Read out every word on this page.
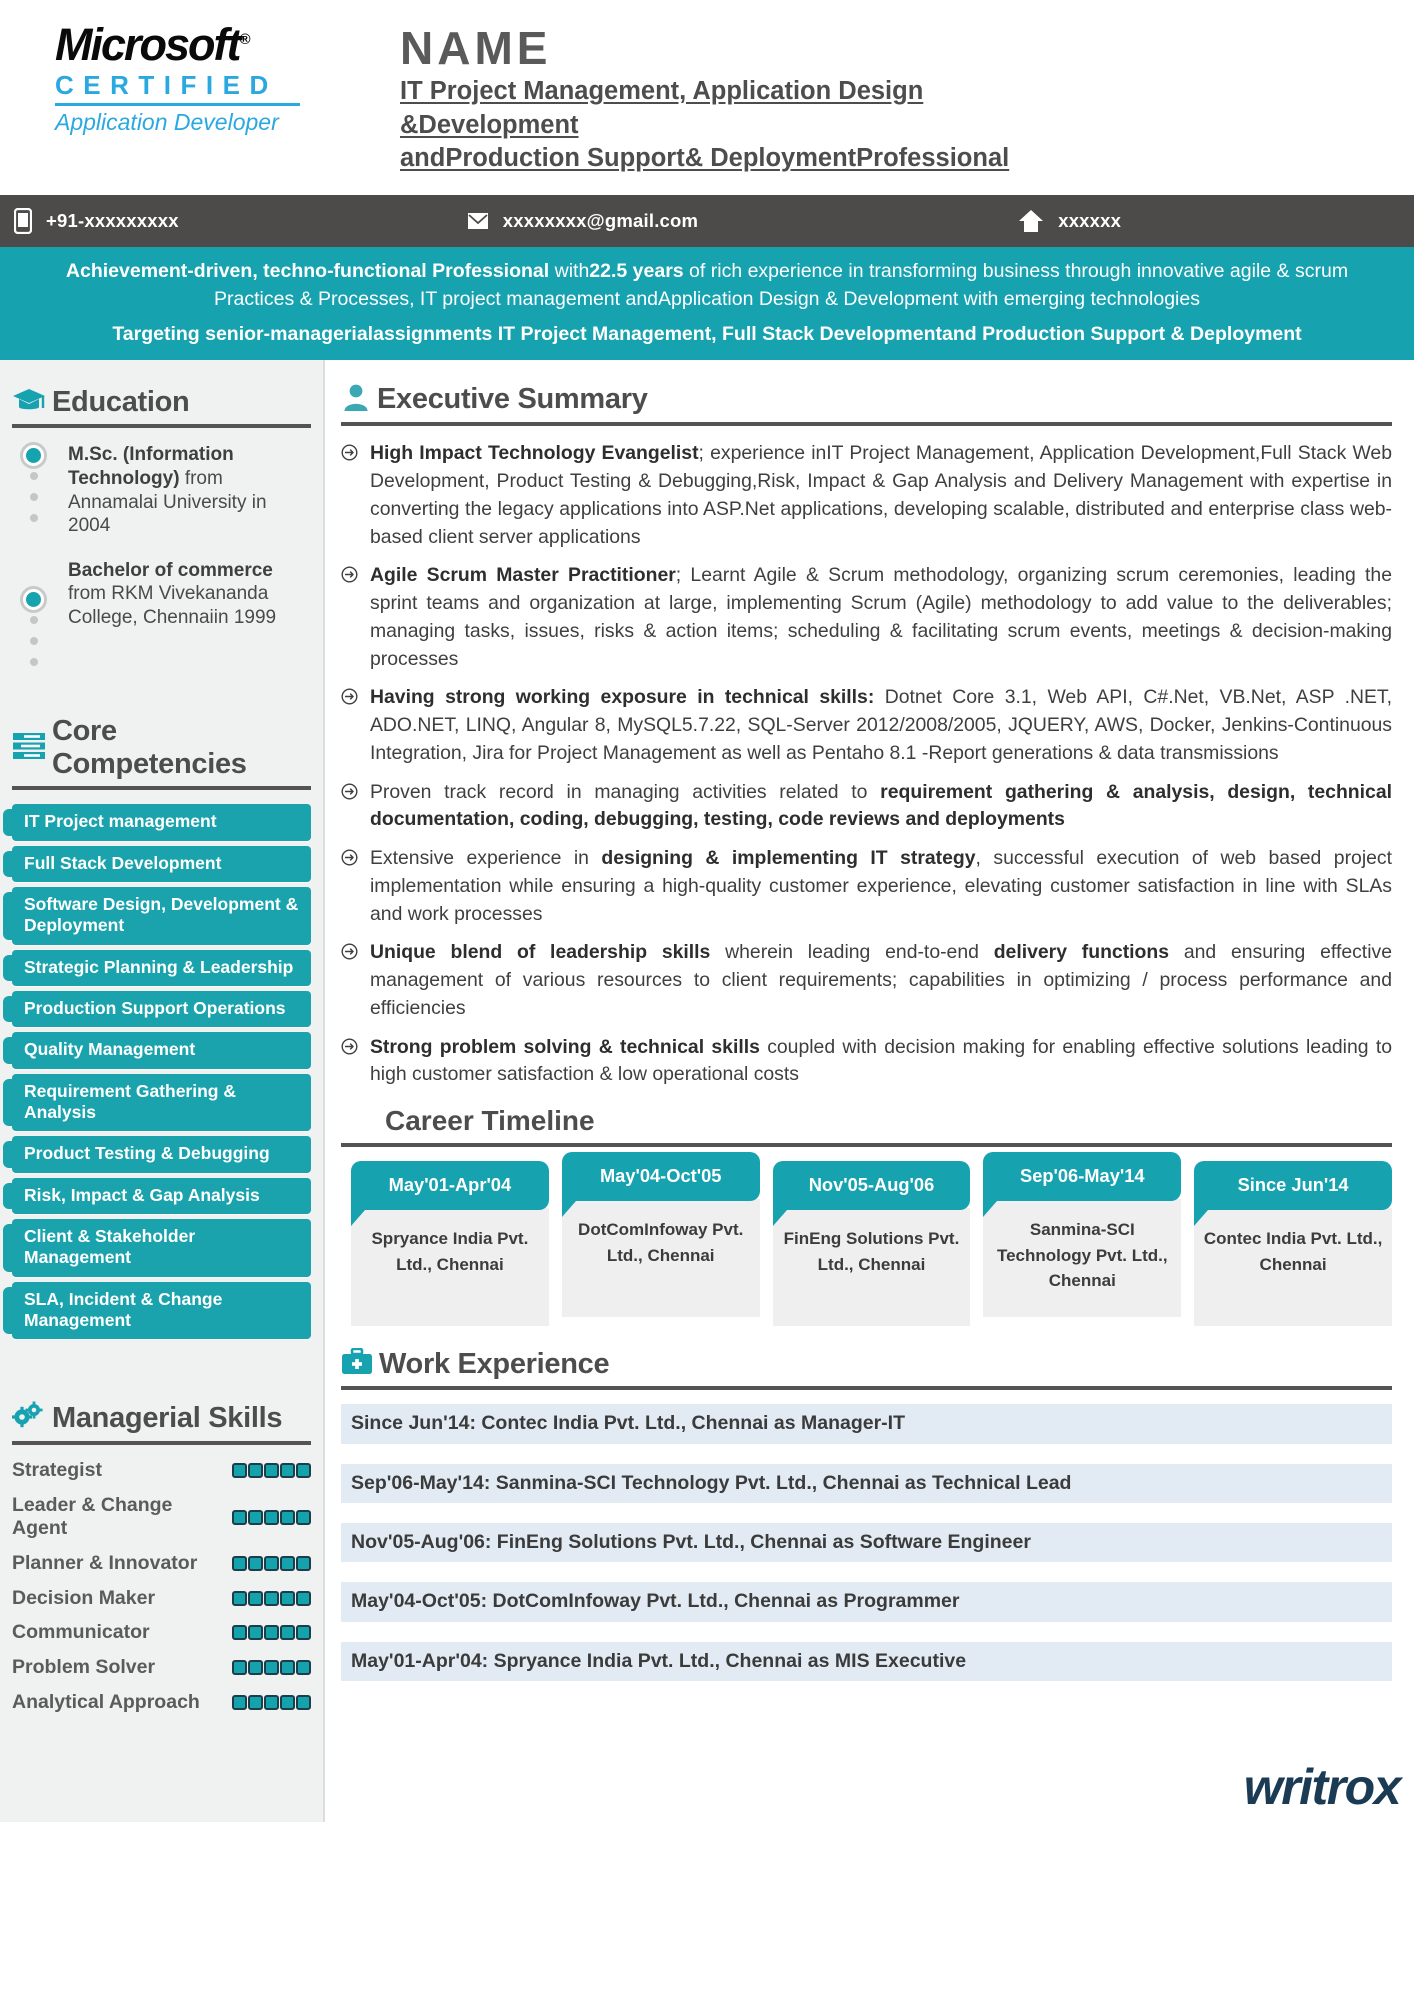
Microsoft®
CERTIFIED
Application Developer
NAME
IT Project Management, Application Design &Development
andProduction Support& DeploymentProfessional
+91-xxxxxxxxx	xxxxxxxx@gmail.com	xxxxxx
Achievement-driven, techno-functional Professional with22.5 years of rich experience in transforming business through innovative agile & scrum Practices & Processes, IT project management andApplication Design & Development with emerging technologies
Targeting senior-managerialassignments IT Project Management, Full Stack Developmentand Production Support & Deployment
Education
M.Sc. (Information Technology) from Annamalai University in 2004
Bachelor of commerce from RKM Vivekananda College, Chennaiin 1999
Core Competencies
IT Project management
Full Stack Development
Software Design, Development & Deployment
Strategic Planning & Leadership
Production Support Operations
Quality Management
Requirement Gathering & Analysis
Product Testing & Debugging
Risk, Impact & Gap Analysis
Client & Stakeholder Management
SLA, Incident & Change Management
Managerial Skills
Strategist
Leader & Change Agent
Planner & Innovator
Decision Maker
Communicator
Problem Solver
Analytical Approach
Executive Summary
High Impact Technology Evangelist; experience inIT Project Management, Application Development,Full Stack Web Development, Product Testing & Debugging,Risk, Impact & Gap Analysis and Delivery Management with expertise in converting the legacy applications into ASP.Net applications, developing scalable, distributed and enterprise class web-based client server applications
Agile Scrum Master Practitioner; Learnt Agile & Scrum methodology, organizing scrum ceremonies, leading the sprint teams and organization at large, implementing Scrum (Agile) methodology to add value to the deliverables; managing tasks, issues, risks & action items; scheduling & facilitating scrum events, meetings & decision-making processes
Having strong working exposure in technical skills: Dotnet Core 3.1, Web API, C#.Net, VB.Net, ASP .NET, ADO.NET, LINQ, Angular 8, MySQL5.7.22, SQL-Server 2012/2008/2005, JQUERY, AWS, Docker, Jenkins-Continuous Integration, Jira for Project Management as well as Pentaho 8.1 -Report generations & data transmissions
Proven track record in managing activities related to requirement gathering & analysis, design, technical documentation, coding, debugging, testing, code reviews and deployments
Extensive experience in designing & implementing IT strategy, successful execution of web based project implementation while ensuring a high-quality customer experience, elevating customer satisfaction in line with SLAs and work processes
Unique blend of leadership skills wherein leading end-to-end delivery functions and ensuring effective management of various resources to client requirements; capabilities in optimizing / process performance and efficiencies
Strong problem solving & technical skills coupled with decision making for enabling effective solutions leading to high customer satisfaction & low operational costs
Career Timeline
May'01-Apr'04
Spryance India Pvt. Ltd., Chennai
May'04-Oct'05
DotComInfoway Pvt. Ltd., Chennai
Nov'05-Aug'06
FinEng Solutions Pvt. Ltd., Chennai
Sep'06-May'14
Sanmina-SCI Technology Pvt. Ltd., Chennai
Since Jun'14
Contec India Pvt. Ltd., Chennai
Work Experience
Since Jun'14: Contec India Pvt. Ltd., Chennai as Manager-IT
Sep'06-May'14: Sanmina-SCI Technology Pvt. Ltd., Chennai as Technical Lead
Nov'05-Aug'06: FinEng Solutions Pvt. Ltd., Chennai as Software Engineer
May'04-Oct'05: DotComInfoway Pvt. Ltd., Chennai as Programmer
May'01-Apr'04: Spryance India Pvt. Ltd., Chennai as MIS Executive
writrox
